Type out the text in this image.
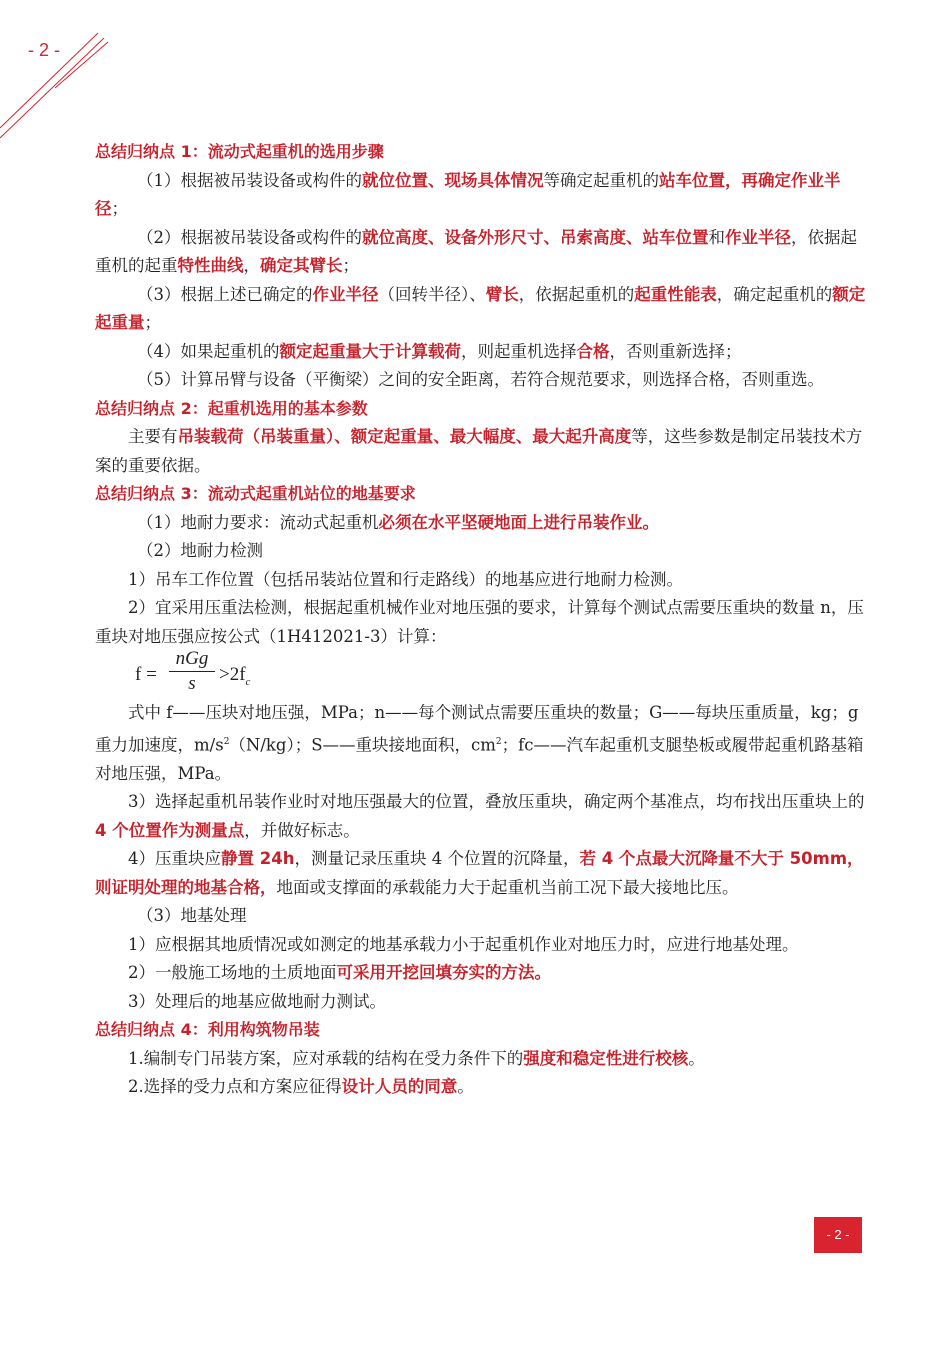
- 2 -

总结归纳点 1：流动式起重机的选用步骤

（1）根据被吊装设备或构件的就位位置、现场具体情况等确定起重机的站车位置，再确定作业半径；

（2）根据被吊装设备或构件的就位高度、设备外形尺寸、吊索高度、站车位置和作业半径，依据起重机的起重特性曲线，确定其臂长；

（3）根据上述已确定的作业半径（回转半径）、臂长，依据起重机的起重性能表，确定起重机的额定起重量；

（4）如果起重机的额定起重量大于计算载荷，则起重机选择合格，否则重新选择；

（5）计算吊臂与设备（平衡梁）之间的安全距离，若符合规范要求，则选择合格，否则重选。

总结归纳点 2：起重机选用的基本参数

主要有吊装载荷（吊装重量）、额定起重量、最大幅度、最大起升高度等，这些参数是制定吊装技术方案的重要依据。

总结归纳点 3：流动式起重机站位的地基要求

（1）地耐力要求：流动式起重机必须在水平坚硬地面上进行吊装作业。

（2）地耐力检测

1）吊车工作位置（包括吊装站位置和行走路线）的地基应进行地耐力检测。

2）宜采用压重法检测，根据起重机械作业对地压强的要求，计算每个测试点需要压重块的数量 n，压重块对地压强应按公式（1H412021-3）计算：

f =
nGg
s	$>2f_c$

式中 f——压块对地压强，MPa；n——每个测试点需要压重块的数量；G——每块压重质量，kg；g 重力加速度，$m/s^2(N/kg)$；S——重块接地面积，$cm^2$；fc——汽车起重机支腿垫板或履带起重机路基箱对地压强，MPa。

3）选择起重机吊装作业时对地压强最大的位置，叠放压重块，确定两个基准点，均布找出压重块上的4 个位置作为测量点，并做好标志。

4）压重块应静置 24h，测量记录压重块 4 个位置的沉降量，若 4 个点最大沉降量不大于 50mm，则证明处理的地基合格，地面或支撑面的承载能力大于起重机当前工况下最大接地比压。

（3）地基处理

1）应根据其地质情况或如测定的地基承载力小于起重机作业对地压力时，应进行地基处理。

2）一般施工场地的土质地面可采用开挖回填夯实的方法。

3）处理后的地基应做地耐力测试。

总结归纳点 4：利用构筑物吊装

1.编制专门吊装方案，应对承载的结构在受力条件下的强度和稳定性进行校核。

2.选择的受力点和方案应征得设计人员的同意。

- 2 -
